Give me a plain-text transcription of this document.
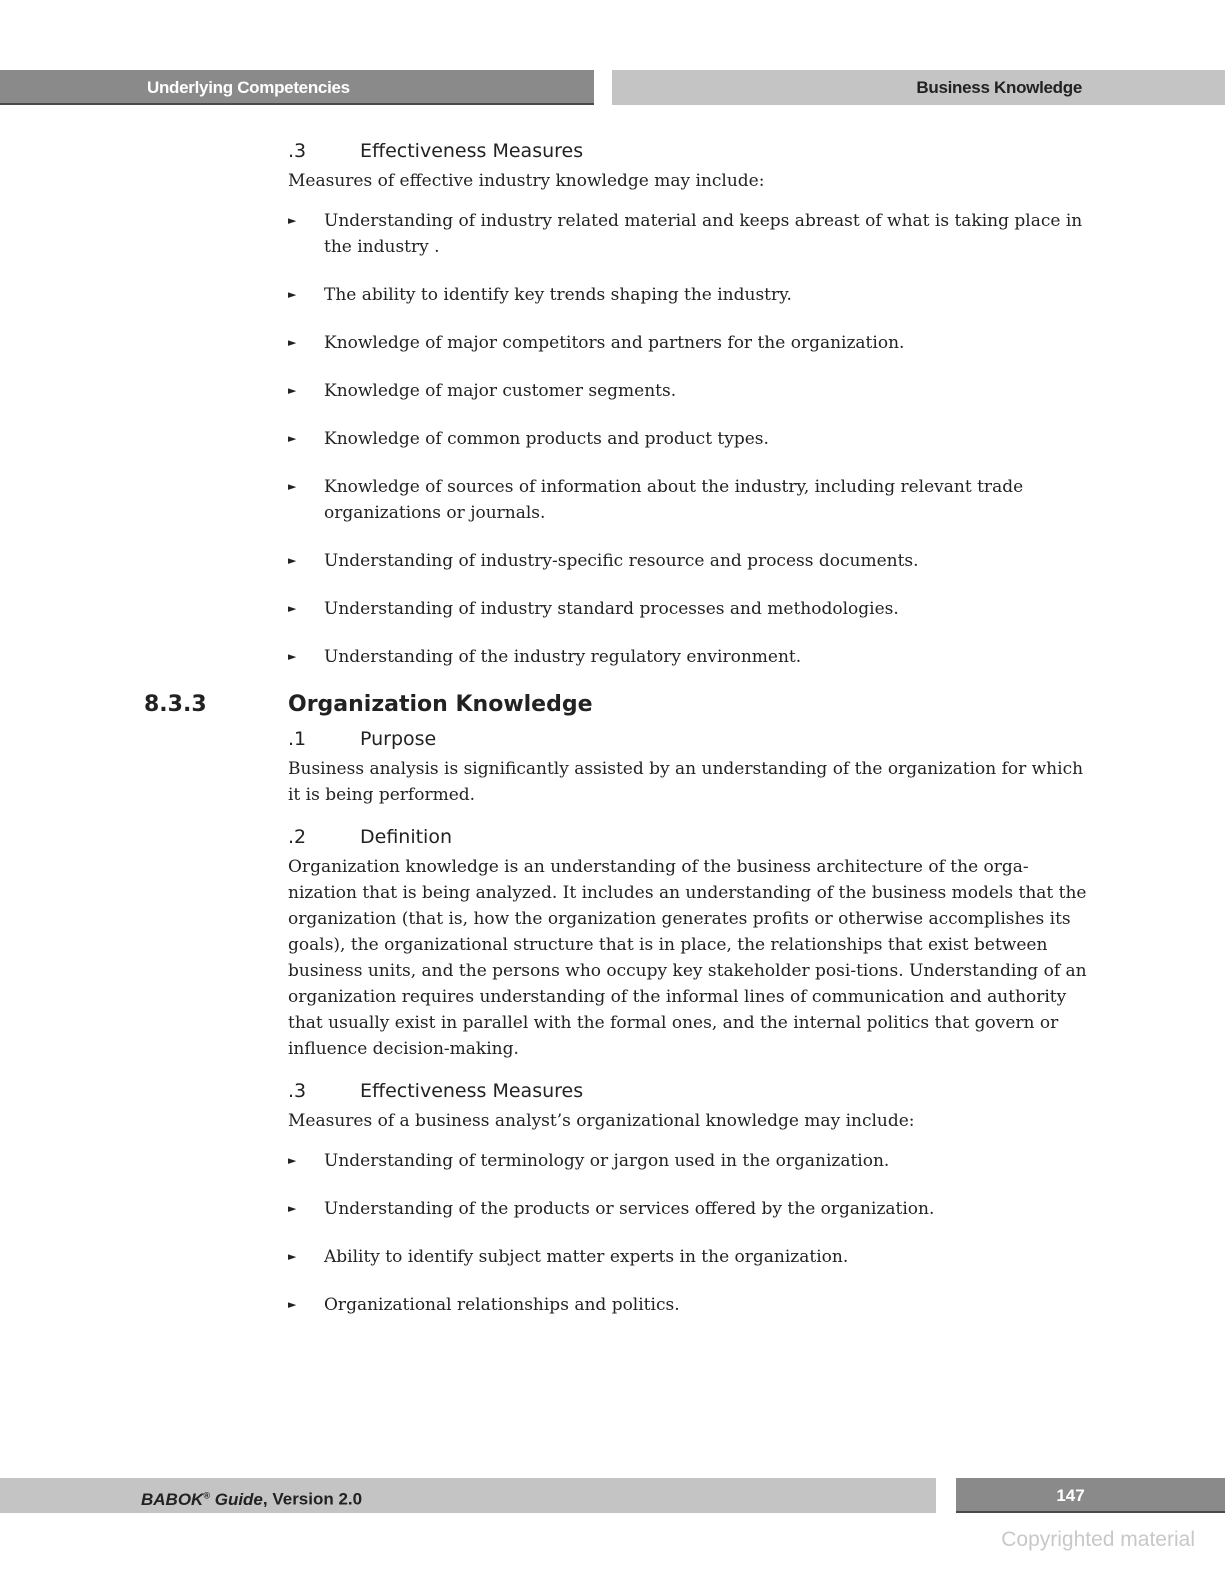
Underlying Competencies	Business Knowledge
.3	Effectiveness Measures

Measures of effective industry knowledge may include:

► Understanding of industry related material and keeps abreast of what is taking place in the industry .
► The ability to identify key trends shaping the industry.
► Knowledge of major competitors and partners for the organization.
► Knowledge of major customer segments.
► Knowledge of common products and product types.
► Knowledge of sources of information about the industry, including relevant trade organizations or journals.
► Understanding of industry-specific resource and process documents.
► Understanding of industry standard processes and methodologies.
► Understanding of the industry regulatory environment.
8.3.3	Organization Knowledge
.1	Purpose

Business analysis is significantly assisted by an understanding of the organization for which it is being performed.

.2	Definition

Organization knowledge is an understanding of the business architecture of the orga-nization that is being analyzed. It includes an understanding of the business models that the organization (that is, how the organization generates profits or otherwise accomplishes its goals), the organizational structure that is in place, the relationships that exist between business units, and the persons who occupy key stakeholder posi-tions. Understanding of an organization requires understanding of the informal lines of communication and authority that usually exist in parallel with the formal ones, and the internal politics that govern or influence decision-making.

.3	Effectiveness Measures

Measures of a business analyst’s organizational knowledge may include:

► Understanding of terminology or jargon used in the organization.
► Understanding of the products or services offered by the organization.
► Ability to identify subject matter experts in the organization.
► Organizational relationships and politics.
BABOK® Guide, Version 2.0	147
Copyrighted material
